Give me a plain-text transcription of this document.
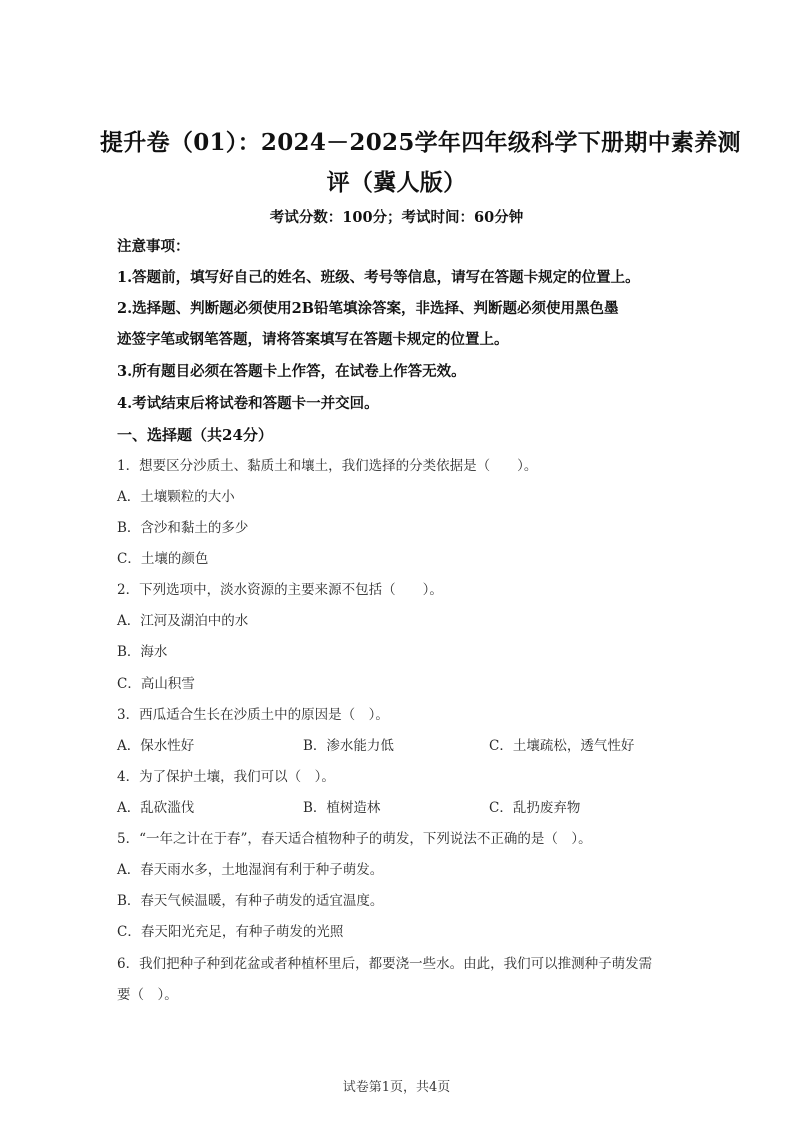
提升卷（01）：2024－2025学年四年级科学下册期中素养测
评（冀人版）
考试分数：100分；考试时间：60分钟
注意事项：
1.答题前，填写好自己的姓名、班级、考号等信息，请写在答题卡规定的位置上。
2.选择题、判断题必须使用2B铅笔填涂答案，非选择、判断题必须使用黑色墨
迹签字笔或钢笔答题，请将答案填写在答题卡规定的位置上。
3.所有题目必须在答题卡上作答，在试卷上作答无效。
4.考试结束后将试卷和答题卡一并交回。
一、选择题（共24分）
1．想要区分沙质土、黏质土和壤土，我们选择的分类依据是（　　）。
A．土壤颗粒的大小
B．含沙和黏土的多少
C．土壤的颜色
2．下列选项中，淡水资源的主要来源不包括（　　）。
A．江河及湖泊中的水
B．海水
C．高山积雪
3．西瓜适合生长在沙质土中的原因是（　）。
A．保水性好	B．渗水能力低	C．土壤疏松，透气性好
4．为了保护土壤，我们可以（　）。
A．乱砍滥伐	B．植树造林	C．乱扔废弃物
5．“一年之计在于春”，春天适合植物种子的萌发，下列说法不正确的是（　）。
A．春天雨水多，土地湿润有利于种子萌发。
B．春天气候温暖，有种子萌发的适宜温度。
C．春天阳光充足，有种子萌发的光照
6．我们把种子种到花盆或者种植杯里后，都要浇一些水。由此，我们可以推测种子萌发需
要（　）。
试卷第1页，共4页
